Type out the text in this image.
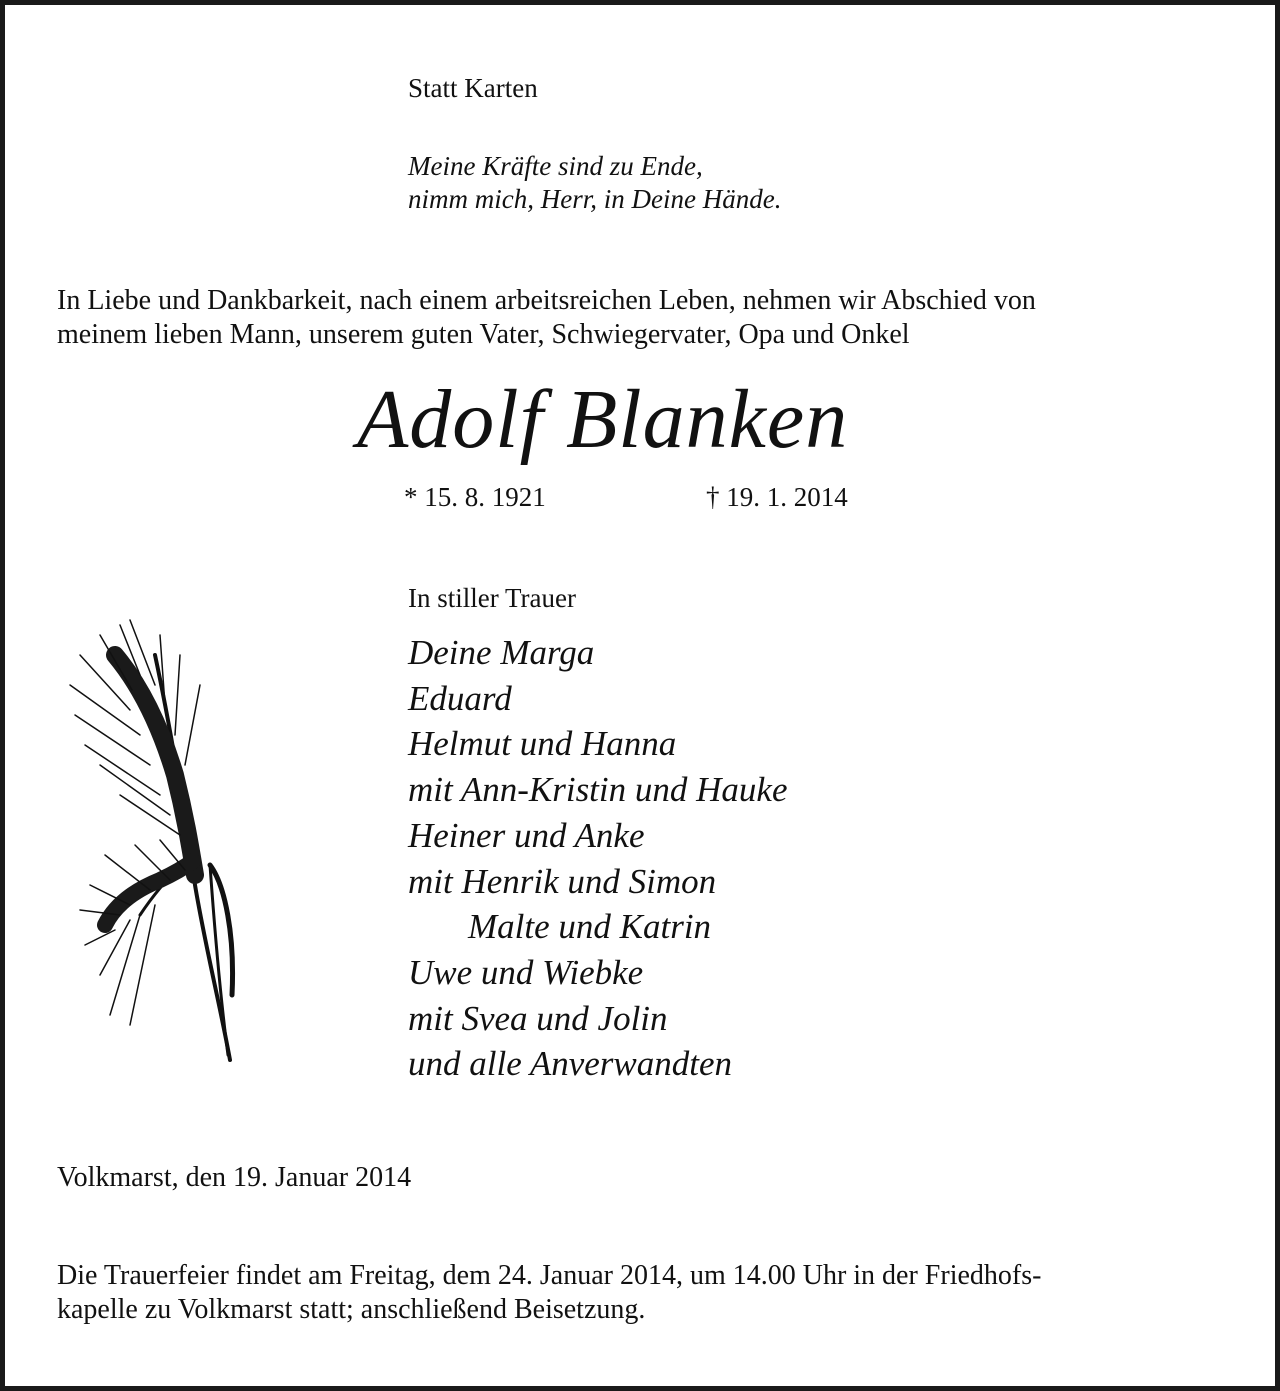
Statt Karten
Meine Kräfte sind zu Ende,
nimm mich, Herr, in Deine Hände.
In Liebe und Dankbarkeit, nach einem arbeitsreichen Leben, nehmen wir Abschied von
meinem lieben Mann, unserem guten Vater, Schwiegervater, Opa und Onkel
Adolf Blanken
* 15. 8. 1921	† 19. 1. 2014
In stiller Trauer
Deine Marga
Eduard
Helmut und Hanna
mit Ann-Kristin und Hauke
Heiner und Anke
mit Henrik und Simon
Malte und Katrin
Uwe und Wiebke
mit Svea und Jolin
und alle Anverwandten
Volkmarst, den 19. Januar 2014
Die Trauerfeier findet am Freitag, dem 24. Januar 2014, um 14.00 Uhr in der Friedhofs-
kapelle zu Volkmarst statt; anschließend Beisetzung.
